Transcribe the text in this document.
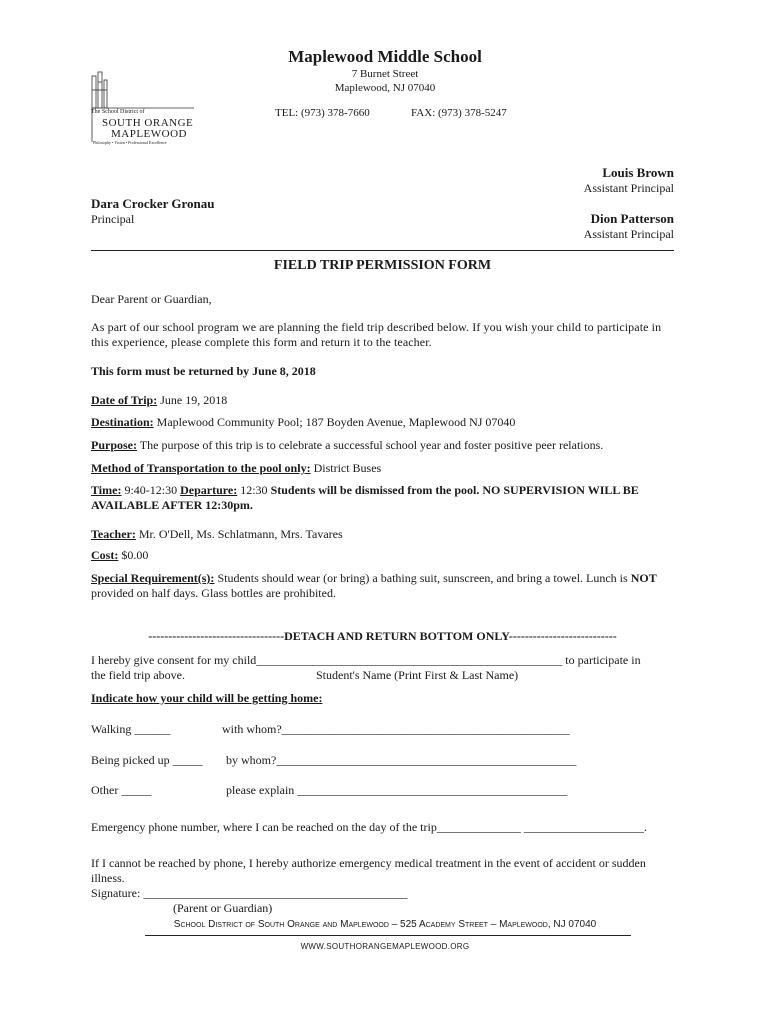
The School District of
SOUTH ORANGE
MAPLEWOOD
Philosophy • Vision • Professional Excellence
Maplewood Middle School
7 Burnet Street
Maplewood, NJ 07040
TEL: (973) 378-7660	FAX: (973) 378-5247
Louis Brown
Assistant Principal
Dara Crocker Gronau
Principal	Dion Patterson
Assistant Principal
FIELD TRIP PERMISSION FORM
Dear Parent or Guardian,
As part of our school program we are planning the field trip described below. If you wish your child to participate in
this experience, please complete this form and return it to the teacher.
This form must be returned by June 8, 2018
Date of Trip: June 19, 2018
Destination: Maplewood Community Pool; 187 Boyden Avenue, Maplewood NJ 07040
Purpose: The purpose of this trip is to celebrate a successful school year and foster positive peer relations.
Method of Transportation to the pool only: District Buses
Time: 9:40-12:30 Departure: 12:30 Students will be dismissed from the pool. NO SUPERVISION WILL BE
AVAILABLE AFTER 12:30pm.
Teacher: Mr. O'Dell, Ms. Schlatmann, Mrs. Tavares
Cost: $0.00
Special Requirement(s): Students should wear (or bring) a bathing suit, sunscreen, and bring a towel. Lunch is NOT
provided on half days. Glass bottles are prohibited.
----------------------------------DETACH AND RETURN BOTTOM ONLY---------------------------
I hereby give consent for my child___________________________________________________ to participate in
the field trip above.	Student's Name (Print First & Last Name)
Indicate how your child will be getting home:
Walking ______	with whom?________________________________________________
Being picked up _____ by whom?__________________________________________________
Other _____	please explain _____________________________________________
Emergency phone number, where I can be reached on the day of the trip______________ ____________________.
If I cannot be reached by phone, I hereby authorize emergency medical treatment in the event of accident or sudden
illness.
Signature: ____________________________________________
(Parent or Guardian)
School District of South Orange and Maplewood – 525 Academy Street – Maplewood, NJ 07040
WWW.SOUTHORANGEMAPLEWOOD.ORG
